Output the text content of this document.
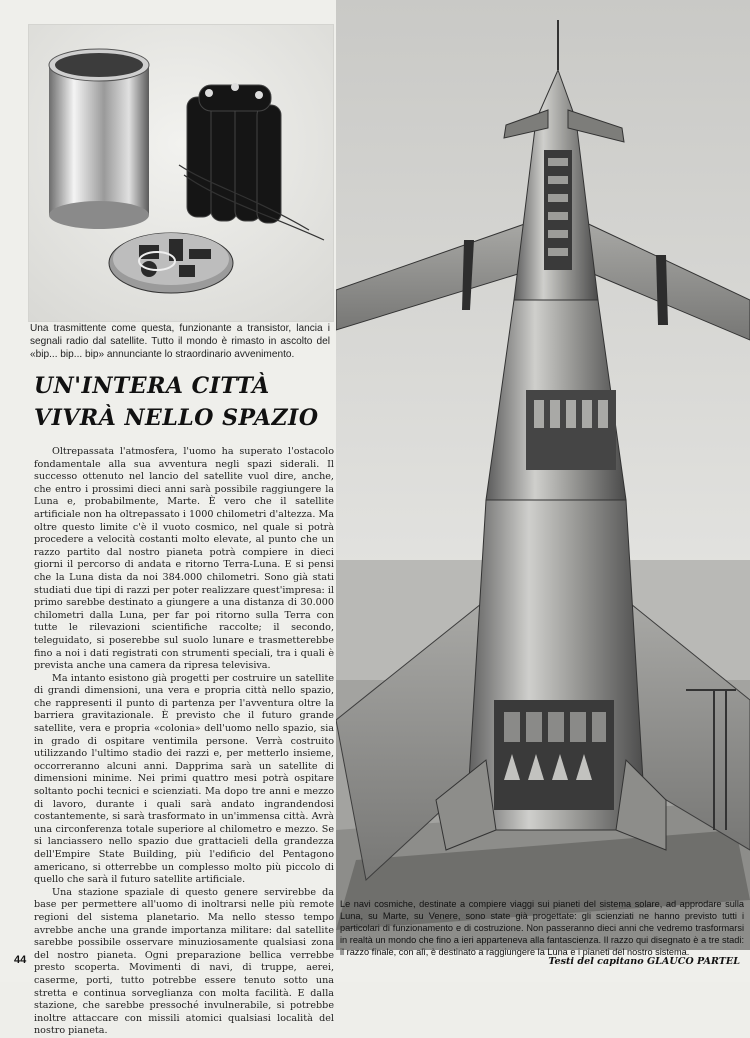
Una trasmittente come questa, funzionante a transistor, lancia i segnali radio dal satellite. Tutto il mondo è rimasto in ascolto del «bip... bip... bip» annunciante lo straordinario avvenimento.
UN'INTERA CITTÀ
VIVRÀ NELLO SPAZIO

Oltrepassata l'atmosfera, l'uomo ha superato l'ostacolo fondamentale alla sua avventura negli spazi siderali. Il successo ottenuto nel lancio del satellite vuol dire, anche, che entro i prossimi dieci anni sarà possibile raggiungere la Luna e, probabilmente, Marte. È vero che il satellite artificiale non ha oltrepassato i 1000 chilometri d'altezza. Ma oltre questo limite c'è il vuoto cosmico, nel quale si potrà procedere a velocità costanti molto elevate, al punto che un razzo partito dal nostro pianeta potrà compiere in dieci giorni il percorso di andata e ritorno Terra-Luna. E si pensi che la Luna dista da noi 384.000 chilometri. Sono già stati studiati due tipi di razzi per poter realizzare quest'impresa: il primo sarebbe destinato a giungere a una distanza di 30.000 chilometri dalla Luna, per far poi ritorno sulla Terra con tutte le rilevazioni scientifiche raccolte; il secondo, teleguidato, si poserebbe sul suolo lunare e trasmetterebbe fino a noi i dati registrati con strumenti speciali, tra i quali è prevista anche una camera da ripresa televisiva.

Ma intanto esistono già progetti per costruire un satellite di grandi dimensioni, una vera e propria città nello spazio, che rappresenti il punto di partenza per l'avventura oltre la barriera gravitazionale. È previsto che il futuro grande satellite, vera e propria «colonia» dell'uomo nello spazio, sia in grado di ospitare ventimila persone. Verrà costruito utilizzando l'ultimo stadio dei razzi e, per metterlo insieme, occorreranno alcuni anni. Dapprima sarà un satellite di dimensioni minime. Nei primi quattro mesi potrà ospitare soltanto pochi tecnici e scienziati. Ma dopo tre anni e mezzo di lavoro, durante i quali sarà andato ingrandendosi costantemente, si sarà trasformato in un'immensa città. Avrà una circonferenza totale superiore al chilometro e mezzo. Se si lanciassero nello spazio due grattacieli della grandezza dell'Empire State Building, più l'edificio del Pentagono americano, si otterrebbe un complesso molto più piccolo di quello che sarà il futuro satellite artificiale.

Una stazione spaziale di questo genere servirebbe da base per permettere all'uomo di inoltrarsi nelle più remote regioni del sistema planetario. Ma nello stesso tempo avrebbe anche una grande importanza militare: dal satellite sarebbe possibile osservare minuziosamente qualsiasi zona del nostro pianeta. Ogni preparazione bellica verrebbe presto scoperta. Movimenti di navi, di truppe, aerei, caserme, porti, tutto potrebbe essere tenuto sotto una stretta e continua sorveglianza con molta facilità. E dalla stazione, che sarebbe pressoché invulnerabile, si potrebbe inoltre attaccare con missili atomici qualsiasi località del nostro pianeta.

Le navi cosmiche, destinate a compiere viaggi sui pianeti del sistema solare, ad approdare sulla Luna, su Marte, su Venere, sono state già progettate: gli scienziati ne hanno previsto tutti i particolari di funzionamento e di costruzione. Non passeranno dieci anni che vedremo trasformarsi in realtà un mondo che fino a ieri apparteneva alla fantascienza. Il razzo qui disegnato è a tre stadi: il razzo finale, con alì, è destinato a raggiungere la Luna e i pianeti del nostro sistema.
44	Testi del capitano GLAUCO PARTEL
